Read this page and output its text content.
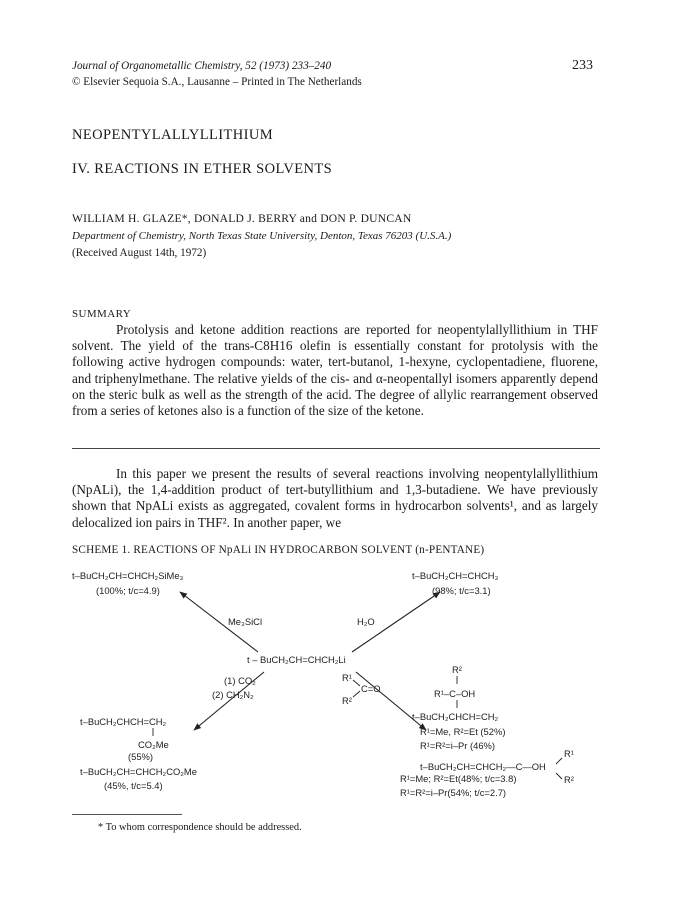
Journal of Organometallic Chemistry, 52 (1973) 233–240
© Elsevier Sequoia S.A., Lausanne – Printed in The Netherlands
233
NEOPENTYLALLYLLITHIUM
IV. REACTIONS IN ETHER SOLVENTS
WILLIAM H. GLAZE*, DONALD J. BERRY and DON P. DUNCAN
Department of Chemistry, North Texas State University, Denton, Texas 76203 (U.S.A.)
(Received August 14th, 1972)
SUMMARY
Protolysis and ketone addition reactions are reported for neopentylallyllithium in THF solvent. The yield of the trans-C8H16 olefin is essentially constant for protolysis with the following active hydrogen compounds: water, tert-butanol, 1-hexyne, cyclopentadiene, fluorene, and triphenylmethane. The relative yields of the cis- and α-neopentallyl isomers apparently depend on the steric bulk as well as the strength of the acid. The degree of allylic rearrangement observed from a series of ketones also is a function of the size of the ketone.
In this paper we present the results of several reactions involving neopentylallyllithium (NpALi), the 1,4-addition product of tert-butyllithium and 1,3-butadiene. We have previously shown that NpALi exists as aggregated, covalent forms in hydrocarbon solvents¹, and as largely delocalized ion pairs in THF². In another paper, we
SCHEME 1. REACTIONS OF NpALi IN HYDROCARBON SOLVENT (n-PENTANE)
t–BuCH₂CH=CHCH₂SiMe₃
(100%; t/c=4.9)
Me₃SiCl
t–BuCH₂CH=CHCH₃
(98%; t/c=3.1)
H₂O
t – BuCH₂CH=CHCH₂Li
(1) CO₂
(2) CH₂N₂
t–BuCH₂CHCH=CH₂
CO₂Me
(55%)
t–BuCH₂CH=CHCH₂CO₂Me
(45%, t/c=5.4)
R¹
R²
C=O
R²
R¹–C–OH
t–BuCH₂CHCH=CH₂
R¹=Me, R²=Et (52%)
R¹=R²=i–Pr (46%)
t–BuCH₂CH=CHCH₂—C—OH
R¹
R²
R¹=Me; R²=Et(48%; t/c=3.8)
R¹=R²=i–Pr(54%; t/c=2.7)
* To whom correspondence should be addressed.
